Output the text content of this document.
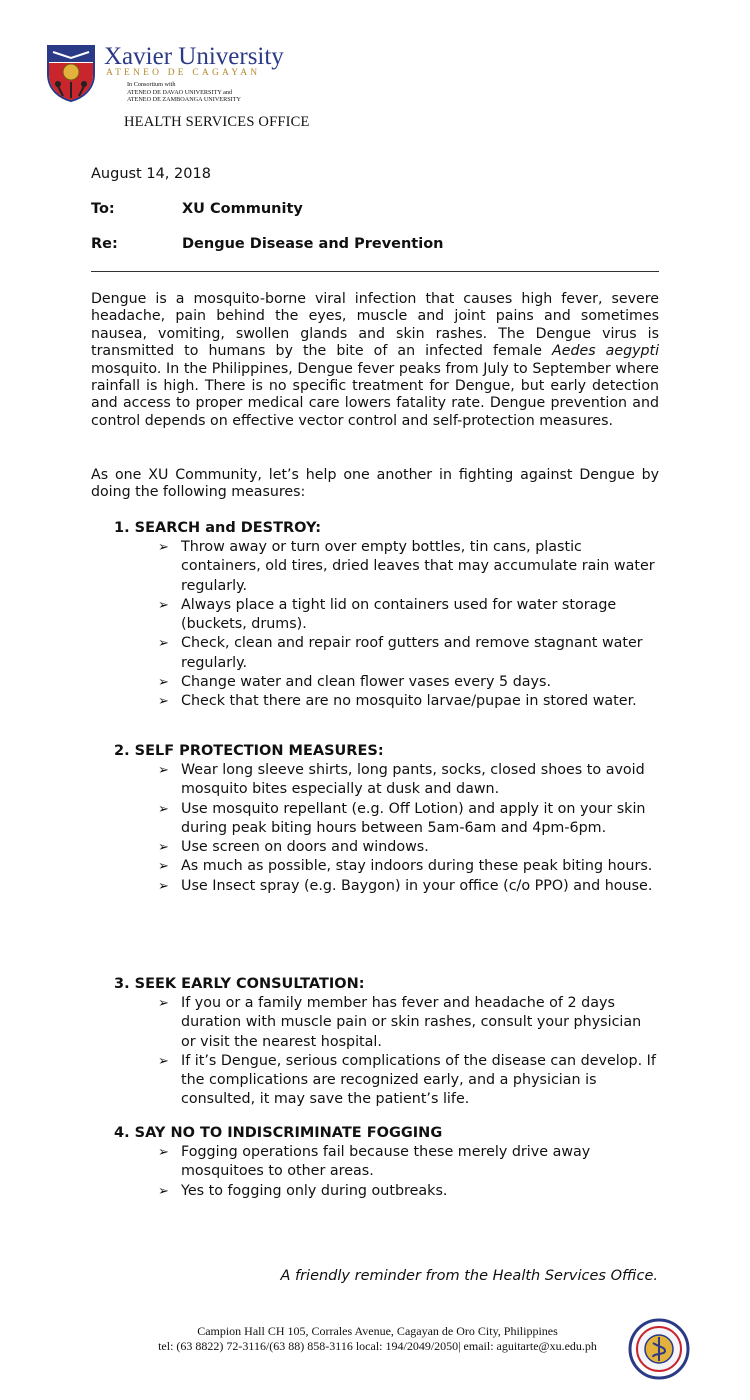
Xavier University
ATENEO DE CAGAYAN
In Consortium with
ATENEO DE DAVAO UNIVERSITY and
ATENEO DE ZAMBOANGA UNIVERSITY
HEALTH SERVICES OFFICE
August 14, 2018
To:	XU Community
Re:	Dengue Disease and Prevention
Dengue is a mosquito-borne viral infection that causes high fever, severe headache, pain behind the eyes, muscle and joint pains and sometimes nausea, vomiting, swollen glands and skin rashes. The Dengue virus is transmitted to humans by the bite of an infected female Aedes aegypti mosquito. In the Philippines, Dengue fever peaks from July to September where rainfall is high. There is no specific treatment for Dengue, but early detection and access to proper medical care lowers fatality rate. Dengue prevention and control depends on effective vector control and self-protection measures.
As one XU Community, let’s help one another in fighting against Dengue by doing the following measures:
1. SEARCH and DESTROY:
➢ Throw away or turn over empty bottles, tin cans, plastic containers, old tires, dried leaves that may accumulate rain water regularly.
➢ Always place a tight lid on containers used for water storage (buckets, drums).
➢ Check, clean and repair roof gutters and remove stagnant water regularly.
➢ Change water and clean flower vases every 5 days.
➢ Check that there are no mosquito larvae/pupae in stored water.
2. SELF PROTECTION MEASURES:
➢ Wear long sleeve shirts, long pants, socks, closed shoes to avoid mosquito bites especially at dusk and dawn.
➢ Use mosquito repellant (e.g. Off Lotion) and apply it on your skin during peak biting hours between 5am-6am and 4pm-6pm.
➢ Use screen on doors and windows.
➢ As much as possible, stay indoors during these peak biting hours.
➢ Use Insect spray (e.g. Baygon) in your office (c/o PPO) and house.
3. SEEK EARLY CONSULTATION:
➢ If you or a family member has fever and headache of 2 days duration with muscle pain or skin rashes, consult your physician or visit the nearest hospital.
➢ If it’s Dengue, serious complications of the disease can develop. If the complications are recognized early, and a physician is consulted, it may save the patient’s life.
4. SAY NO TO INDISCRIMINATE FOGGING
➢ Fogging operations fail because these merely drive away mosquitoes to other areas.
➢ Yes to fogging only during outbreaks.
A friendly reminder from the Health Services Office.
Campion Hall CH 105, Corrales Avenue, Cagayan de Oro City, Philippines
tel: (63 8822) 72-3116/(63 88) 858-3116 local: 194/2049/2050| email: aguitarte@xu.edu.ph
